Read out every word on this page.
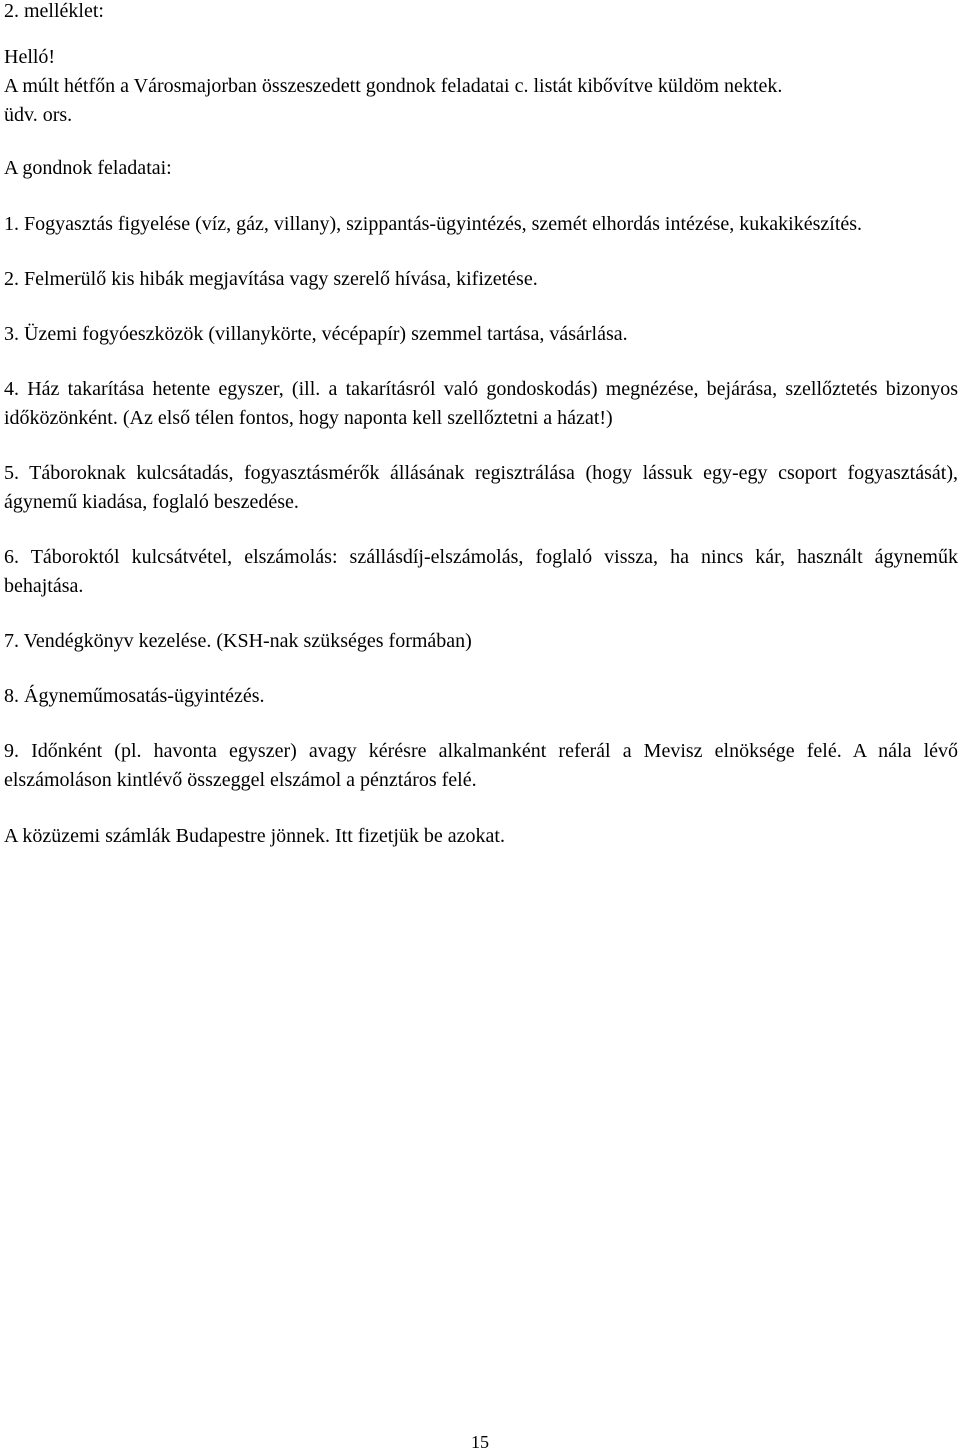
2. melléklet:

Helló!

A múlt hétfőn a Városmajorban összeszedett gondnok feladatai c. listát kibővítve küldöm nektek.

üdv. ors.

A gondnok feladatai:

1. Fogyasztás figyelése (víz, gáz, villany), szippantás-ügyintézés, szemét elhordás intézése, kukakikészítés.

2. Felmerülő kis hibák megjavítása vagy szerelő hívása, kifizetése.

3. Üzemi fogyóeszközök (villanykörte, vécépapír) szemmel tartása, vásárlása.

4. Ház takarítása hetente egyszer, (ill. a takarításról való gondoskodás) megnézése, bejárása, szellőztetés bizonyos időközönként. (Az első télen fontos, hogy naponta kell szellőztetni a házat!)

5. Táboroknak kulcsátadás, fogyasztásmérők állásának regisztrálása (hogy lássuk egy-egy csoport fogyasztását), ágynemű kiadása, foglaló beszedése.

6. Táboroktól kulcsátvétel, elszámolás: szállásdíj-elszámolás, foglaló vissza, ha nincs kár, használt ágyneműk behajtása.

7. Vendégkönyv kezelése. (KSH-nak szükséges formában)

8. Ágyneműmosatás-ügyintézés.

9. Időnként (pl. havonta egyszer) avagy kérésre alkalmanként referál a Mevisz elnöksége felé. A nála lévő elszámoláson kintlévő összeggel elszámol a pénztáros felé.

A közüzemi számlák Budapestre jönnek. Itt fizetjük be azokat.

15
